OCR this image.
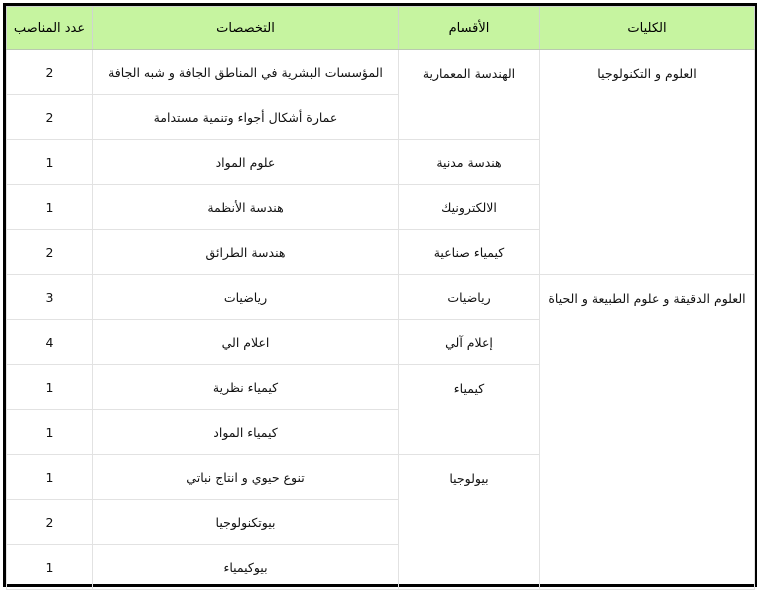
الكليات	الأقسام	التخصصات	عدد المناصب
العلوم و التكنولوجيا	الهندسة المعمارية	المؤسسات البشرية في المناطق الجافة و شبه الجافة	2
		عمارة أشكال أجواء وتنمية مستدامة	2
	هندسة مدنية	علوم المواد	1
	الالكترونيك	هندسة الأنظمة	1
	كيمياء صناعية	هندسة الطرائق	2
العلوم الدقيقة و علوم الطبيعة و الحياة	رياضيات	رياضيات	3
	إعلام آلي	اعلام الي	4
	كيمياء	كيمياء نظرية	1
		كيمياء المواد	1
	بيولوجيا	تنوع حيوي و انتاج نباتي	1
		بيوتكنولوجيا	2
		بيوكيمياء	1
